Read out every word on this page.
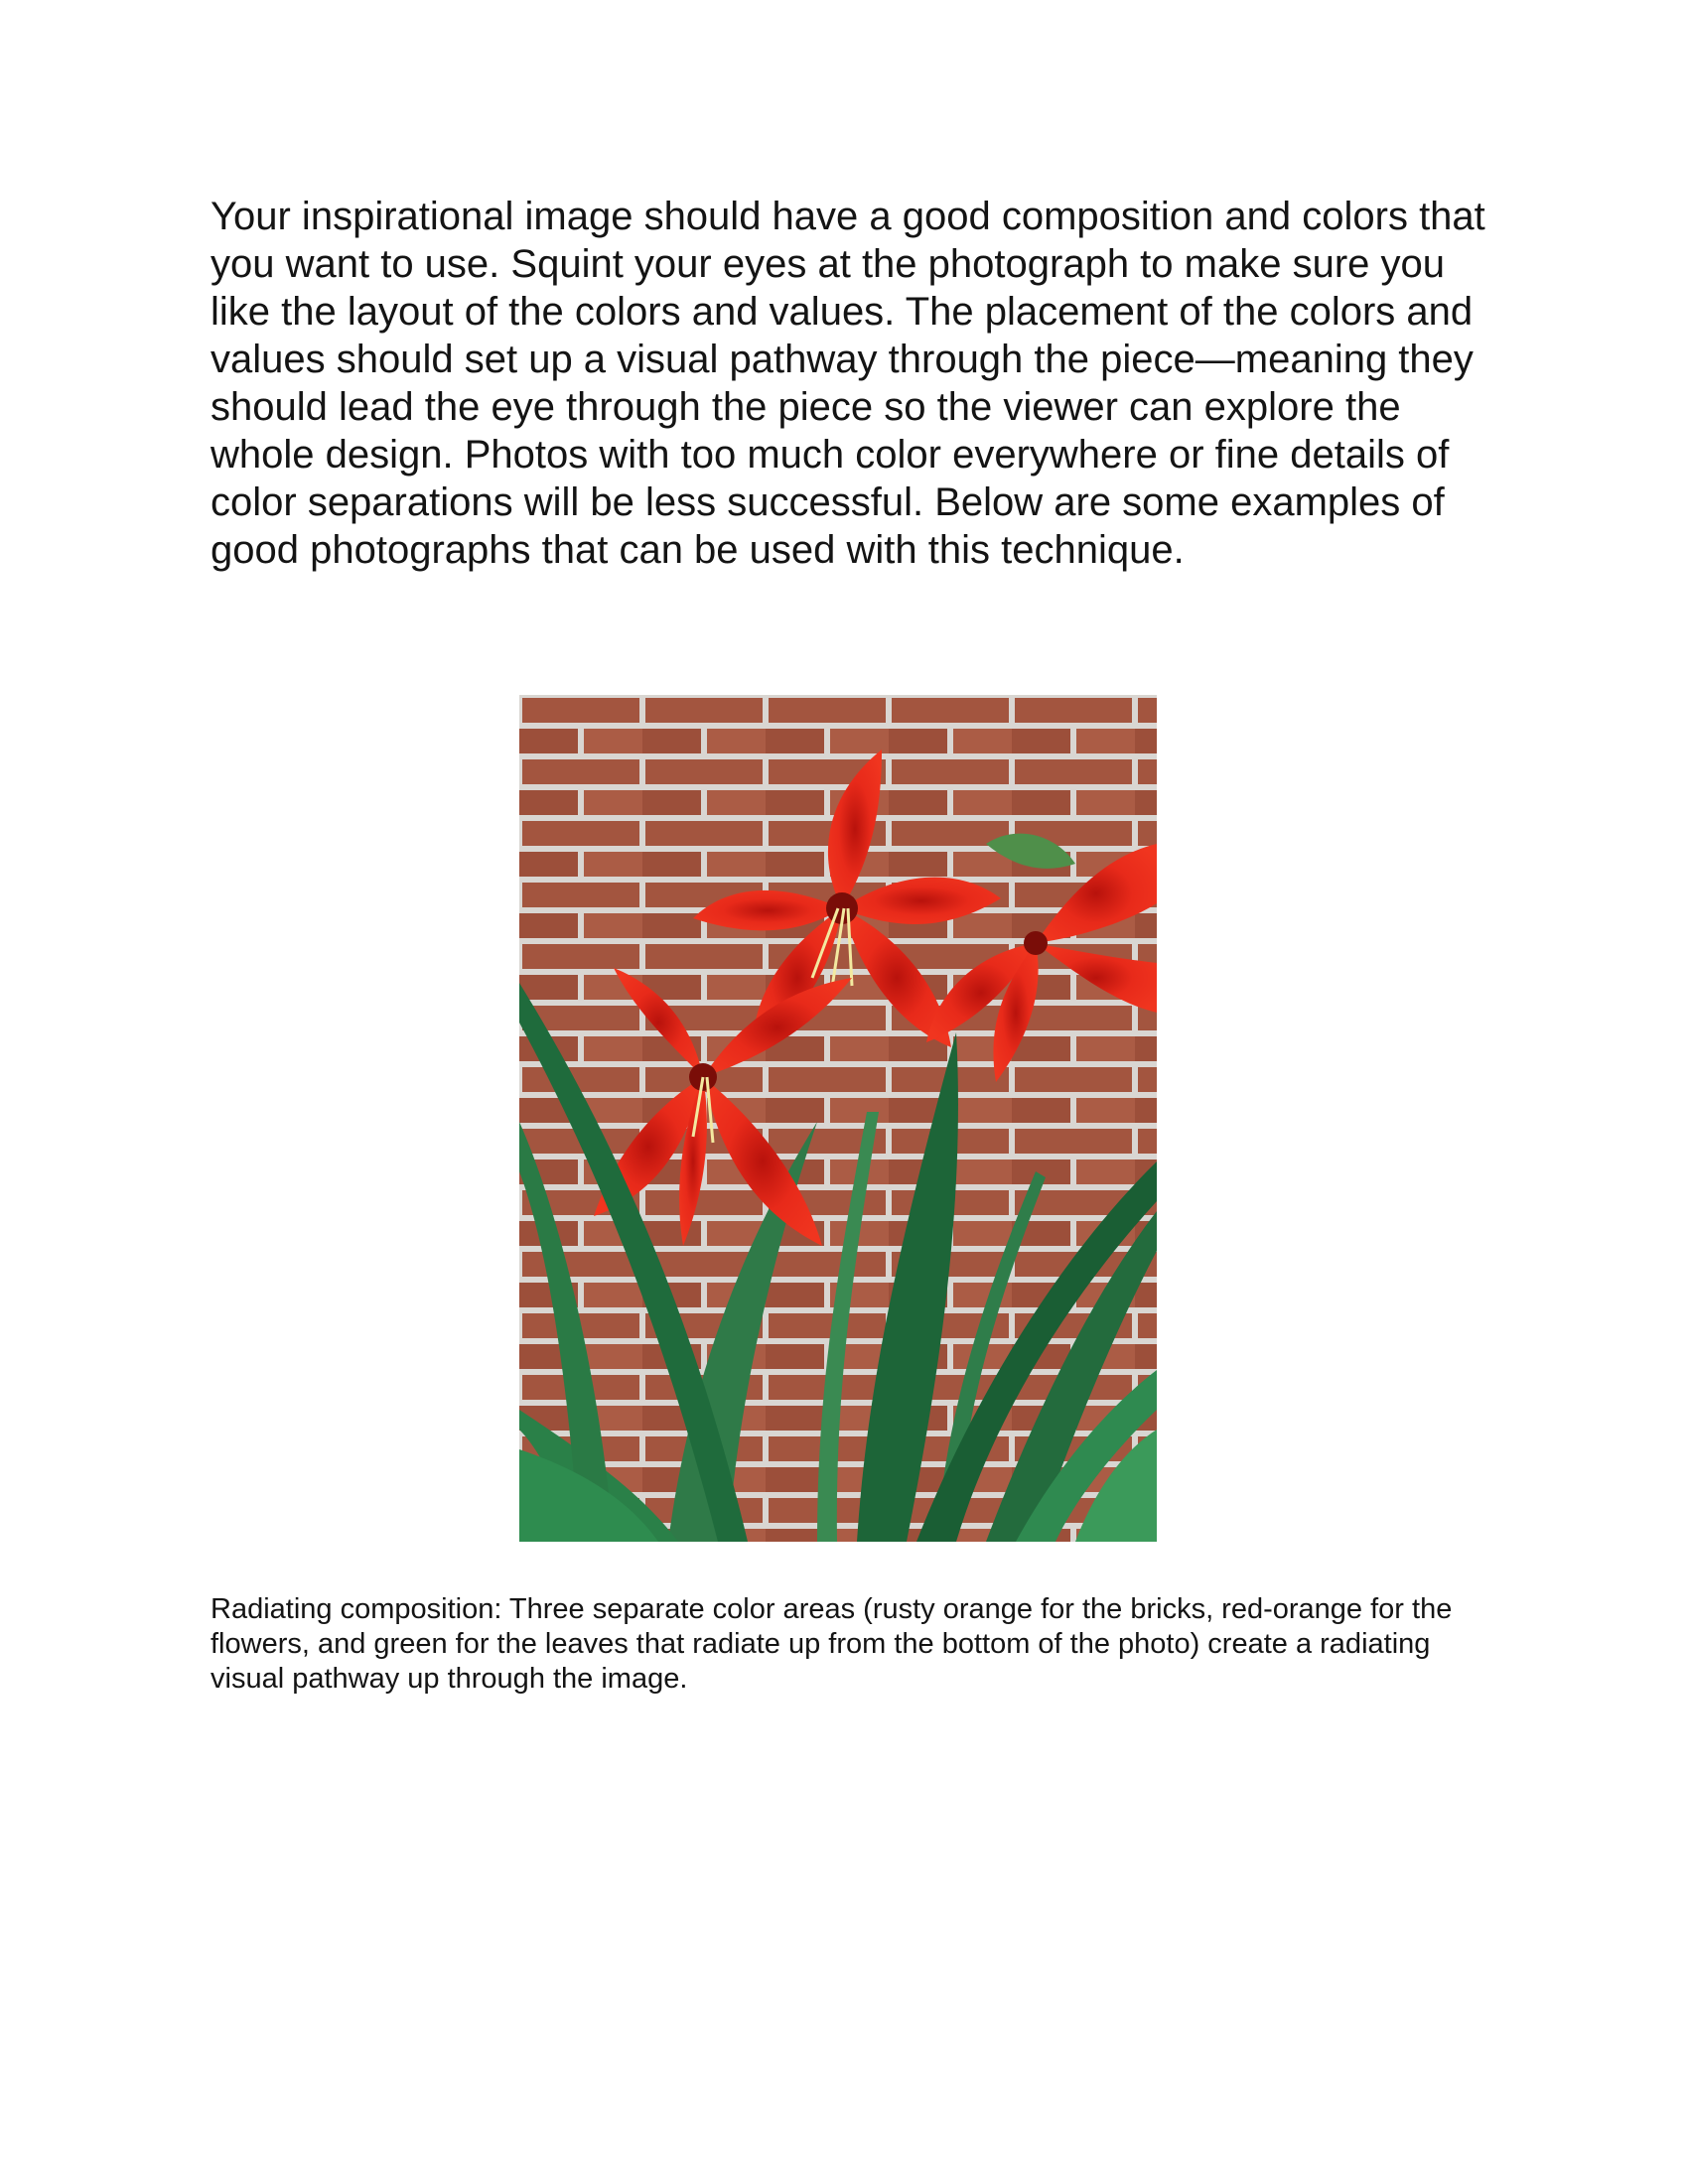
Your inspirational image should have a good composition and colors that you want to use. Squint your eyes at the photograph to make sure you like the layout of the colors and values. The placement of the colors and values should set up a visual pathway through the piece—meaning they should lead the eye through the piece so the viewer can explore the whole design. Photos with too much color everywhere or fine details of color separations will be less successful. Below are some examples of good photographs that can be used with this technique.

Radiating composition: Three separate color areas (rusty orange for the bricks, red-orange for the flowers, and green for the leaves that radiate up from the bottom of the photo) create a radiating visual pathway up through the image.
